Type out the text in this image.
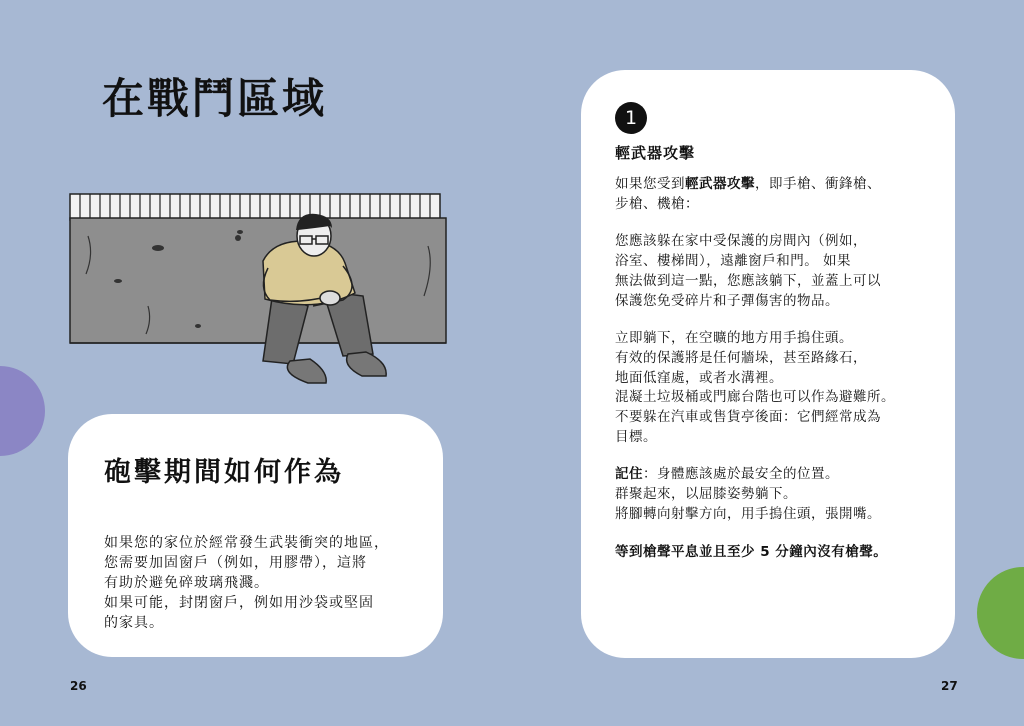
在戰鬥區域
砲擊期間如何作為
如果您的家位於經常發生武裝衝突的地區，
您需要加固窗戶（例如，用膠帶），這將
有助於避免碎玻璃飛濺。
如果可能，封閉窗戶，例如用沙袋或堅固
的家具。
26
1
輕武器攻擊
如果您受到輕武器攻擊，即手槍、衝鋒槍、
步槍、機槍：
您應該躲在家中受保護的房間內（例如，
浴室、樓梯間），遠離窗戶和門。 如果
無法做到這一點，您應該躺下，並蓋上可以
保護您免受碎片和子彈傷害的物品。
立即躺下，在空曠的地方用手摀住頭。
有效的保護將是任何牆垛，甚至路緣石，
地面低窪處，或者水溝裡。
混凝土垃圾桶或門廊台階也可以作為避難所。
不要躲在汽車或售貨亭後面：它們經常成為
目標。
記住：身體應該處於最安全的位置。
群聚起來，以屈膝姿勢躺下。
將腳轉向射擊方向，用手摀住頭，張開嘴。
等到槍聲平息並且至少 5 分鐘內沒有槍聲。
27
